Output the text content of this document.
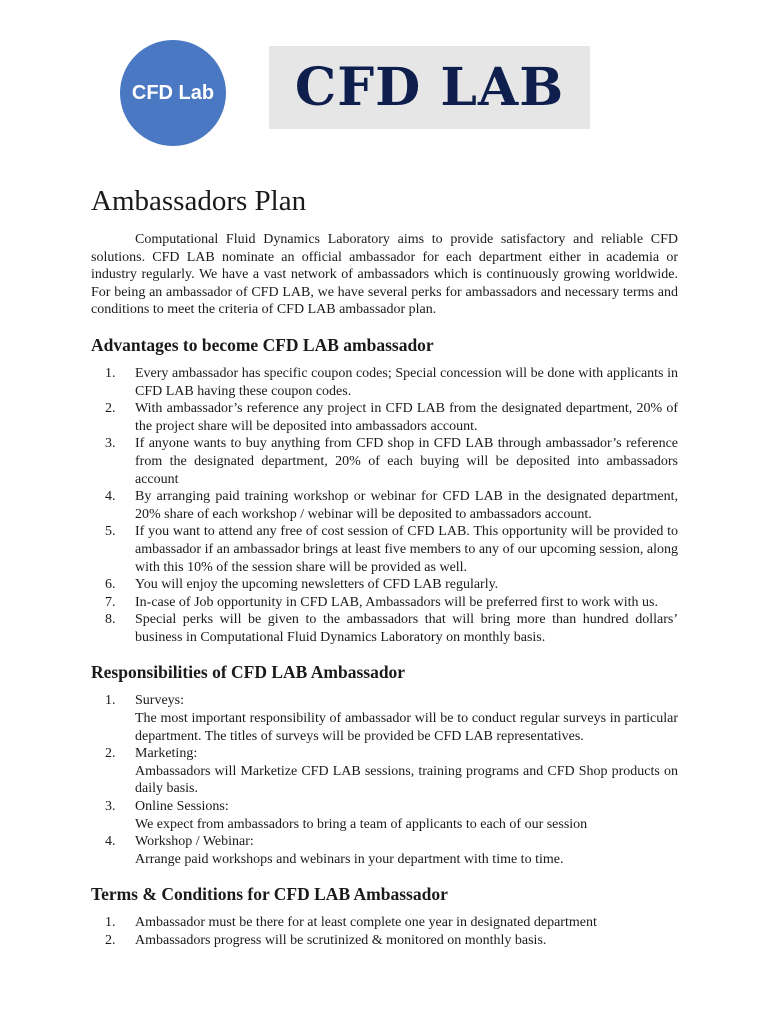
CFD Lab CFD LAB
Ambassadors Plan

Computational Fluid Dynamics Laboratory aims to provide satisfactory and reliable CFD solutions. CFD LAB nominate an official ambassador for each department either in academia or industry regularly. We have a vast network of ambassadors which is continuously growing worldwide. For being an ambassador of CFD LAB, we have several perks for ambassadors and necessary terms and conditions to meet the criteria of CFD LAB ambassador plan.

Advantages to become CFD LAB ambassador
1.	Every ambassador has specific coupon codes; Special concession will be done with applicants in CFD LAB having these coupon codes.
2.	With ambassador’s reference any project in CFD LAB from the designated department, 20% of the project share will be deposited into ambassadors account.
3.	If anyone wants to buy anything from CFD shop in CFD LAB through ambassador’s reference from the designated department, 20% of each buying will be deposited into ambassadors account
4.	By arranging paid training workshop or webinar for CFD LAB in the designated department, 20% share of each workshop / webinar will be deposited to ambassadors account.
5.	If you want to attend any free of cost session of CFD LAB. This opportunity will be provided to ambassador if an ambassador brings at least five members to any of our upcoming session, along with this 10% of the session share will be provided as well.
6.	You will enjoy the upcoming newsletters of CFD LAB regularly.
7.	In-case of Job opportunity in CFD LAB, Ambassadors will be preferred first to work with us.
8.	Special perks will be given to the ambassadors that will bring more than hundred dollars’ business in Computational Fluid Dynamics Laboratory on monthly basis.
Responsibilities of CFD LAB Ambassador
1.	Surveys:
The most important responsibility of ambassador will be to conduct regular surveys in particular department. The titles of surveys will be provided be CFD LAB representatives.
2.	Marketing:
Ambassadors will Marketize CFD LAB sessions, training programs and CFD Shop products on daily basis.
3.	Online Sessions:
We expect from ambassadors to bring a team of applicants to each of our session
4.	Workshop / Webinar:
Arrange paid workshops and webinars in your department with time to time.
Terms & Conditions for CFD LAB Ambassador
1.	Ambassador must be there for at least complete one year in designated department
2.	Ambassadors progress will be scrutinized & monitored on monthly basis.
